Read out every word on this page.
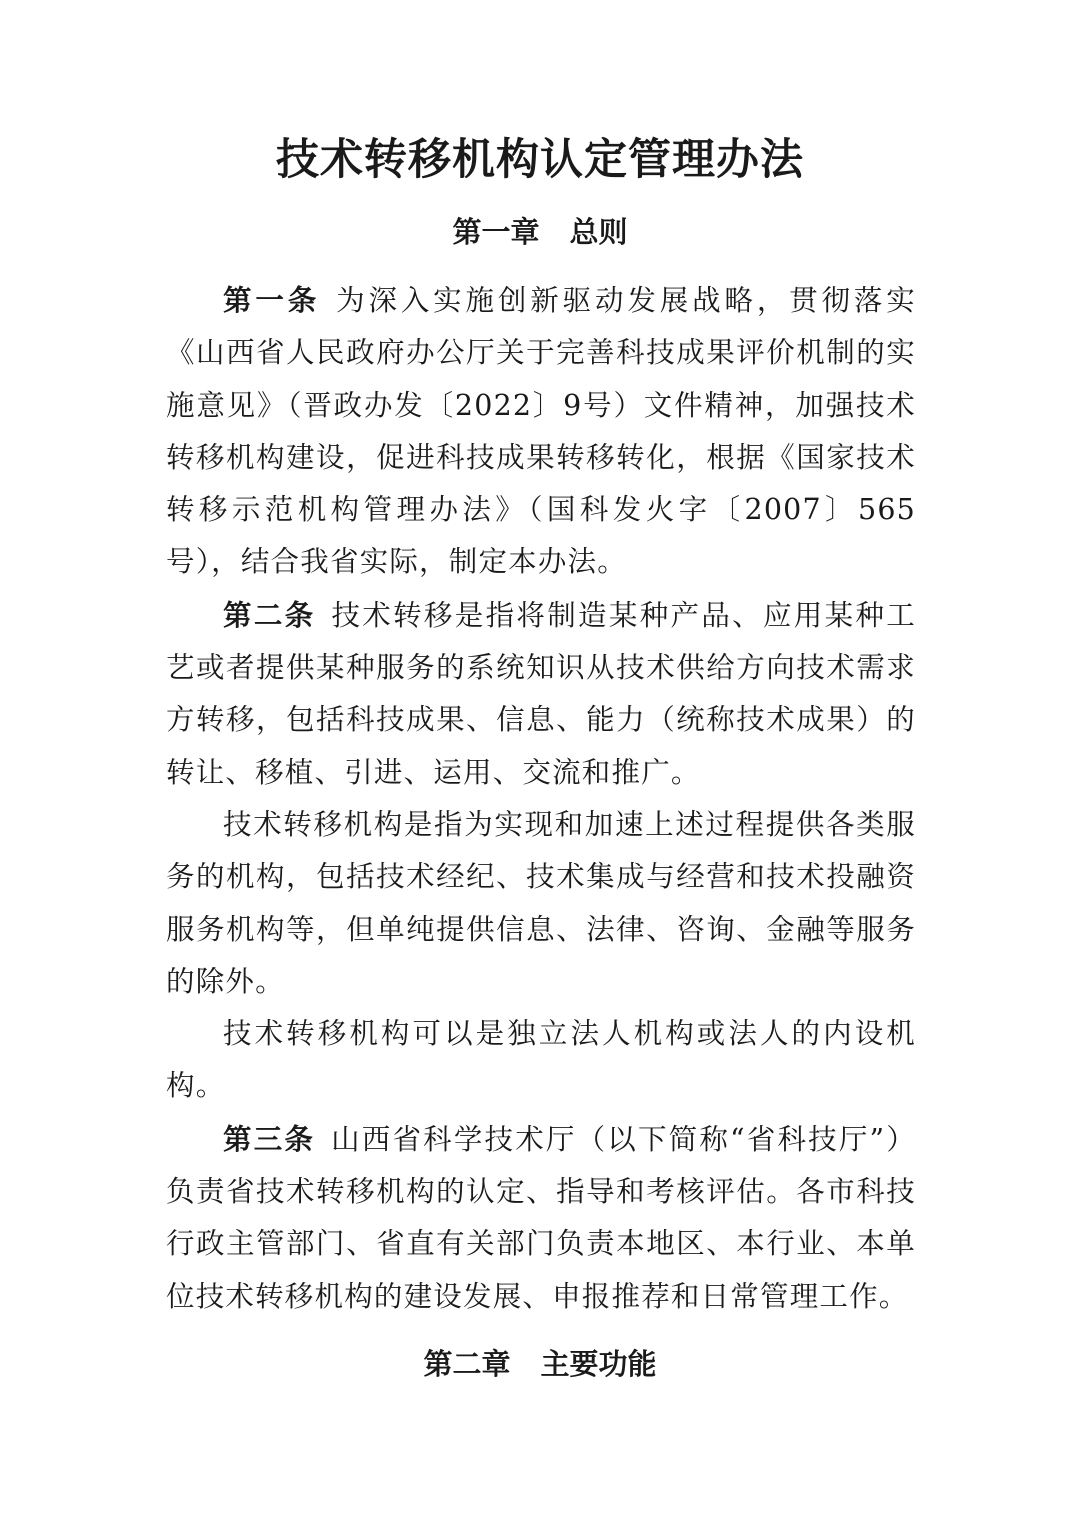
技术转移机构认定管理办法
第一章 总则

第一条 为深入实施创新驱动发展战略，贯彻落实《山西省人民政府办公厅关于完善科技成果评价机制的实施意见》（晋政办发〔2022〕9号）文件精神，加强技术转移机构建设，促进科技成果转移转化，根据《国家技术转移示范机构管理办法》（国科发火字〔2007〕565号），结合我省实际，制定本办法。

第二条 技术转移是指将制造某种产品、应用某种工艺或者提供某种服务的系统知识从技术供给方向技术需求方转移，包括科技成果、信息、能力（统称技术成果）的转让、移植、引进、运用、交流和推广。

技术转移机构是指为实现和加速上述过程提供各类服务的机构，包括技术经纪、技术集成与经营和技术投融资服务机构等，但单纯提供信息、法律、咨询、金融等服务的除外。

技术转移机构可以是独立法人机构或法人的内设机构。

第三条 山西省科学技术厅（以下简称“省科技厅”）负责省技术转移机构的认定、指导和考核评估。各市科技行政主管部门、省直有关部门负责本地区、本行业、本单位技术转移机构的建设发展、申报推荐和日常管理工作。

第二章 主要功能
